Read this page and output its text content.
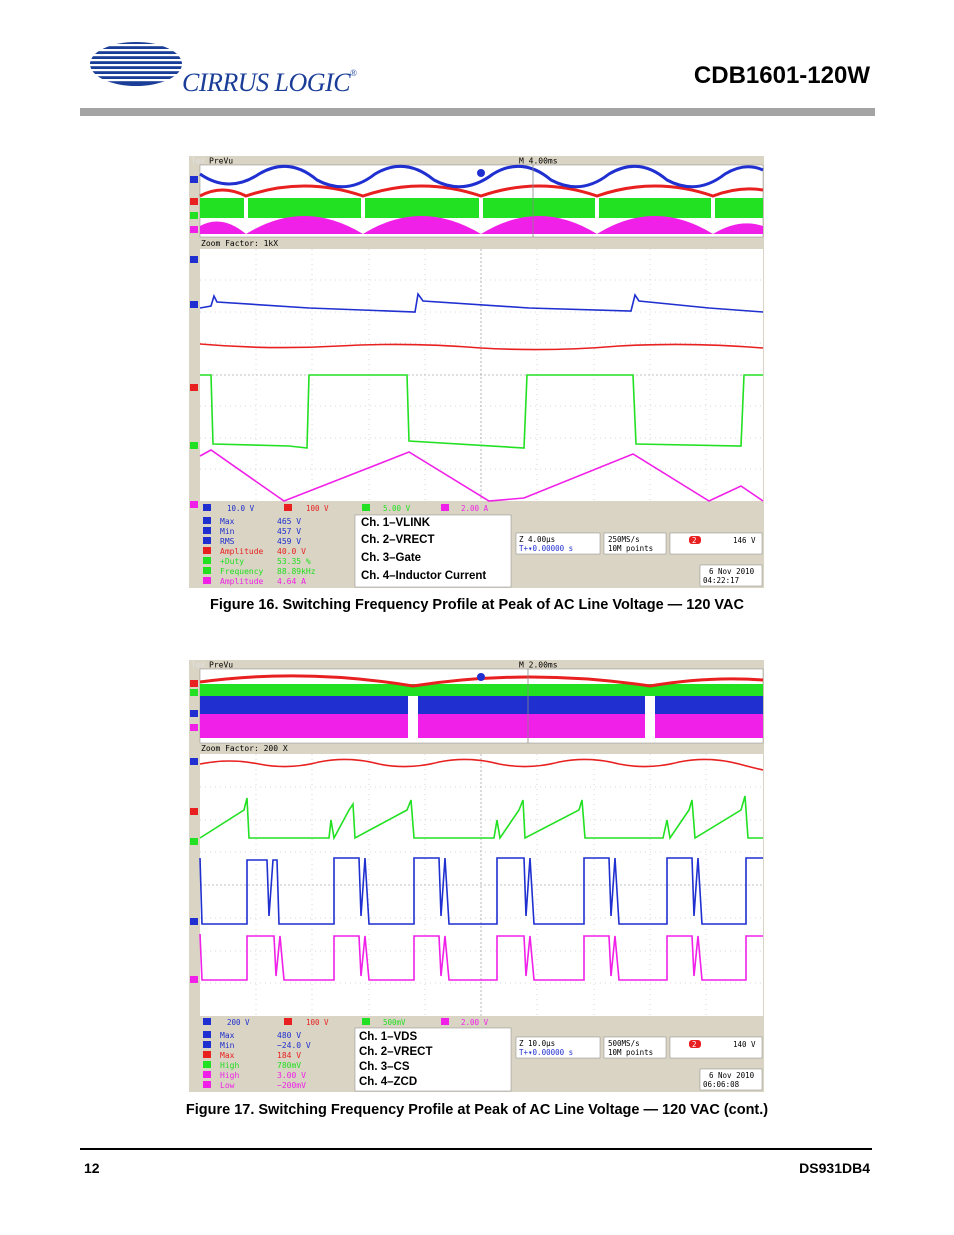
CIRRUS LOGIC®	CDB1601-120W
Tek PreVu	M 4.00ms
Zoom Factor: 1kX
10.0 V	100 V	5.00 V	2.00 A
Max	465 V
Min	457 V
RMS	459 V
Amplitude 40.0 V
+Duty	53.35 %
Frequency 88.89kHz
Amplitude 4.64 A
Ch. 1–VLINK
Ch. 2–VRECT
Ch. 3–Gate
Ch. 4–Inductor Current
Z 4.00µs
T+▾0.00000 s
250MS/s
10M points
2	146 V
6 Nov 2010
04:22:17
Figure 16. Switching Frequency Profile at Peak of AC Line Voltage — 120 VAC
Tek PreVu	M 2.00ms
Zoom Factor: 200 X
200 V	100 V	500mV	2.00 V
Max	480 V
Min	−24.0 V
Max	184 V
High	780mV
High	3.00 V
Low	−200mV
Ch. 1–VDS
Ch. 2–VRECT
Ch. 3–CS
Ch. 4–ZCD
Z 10.0µs
T+▾0.00000 s
500MS/s
10M points
2	140 V
6 Nov 2010
06:06:08
Figure 17. Switching Frequency Profile at Peak of AC Line Voltage — 120 VAC (cont.)
12	DS931DB4
